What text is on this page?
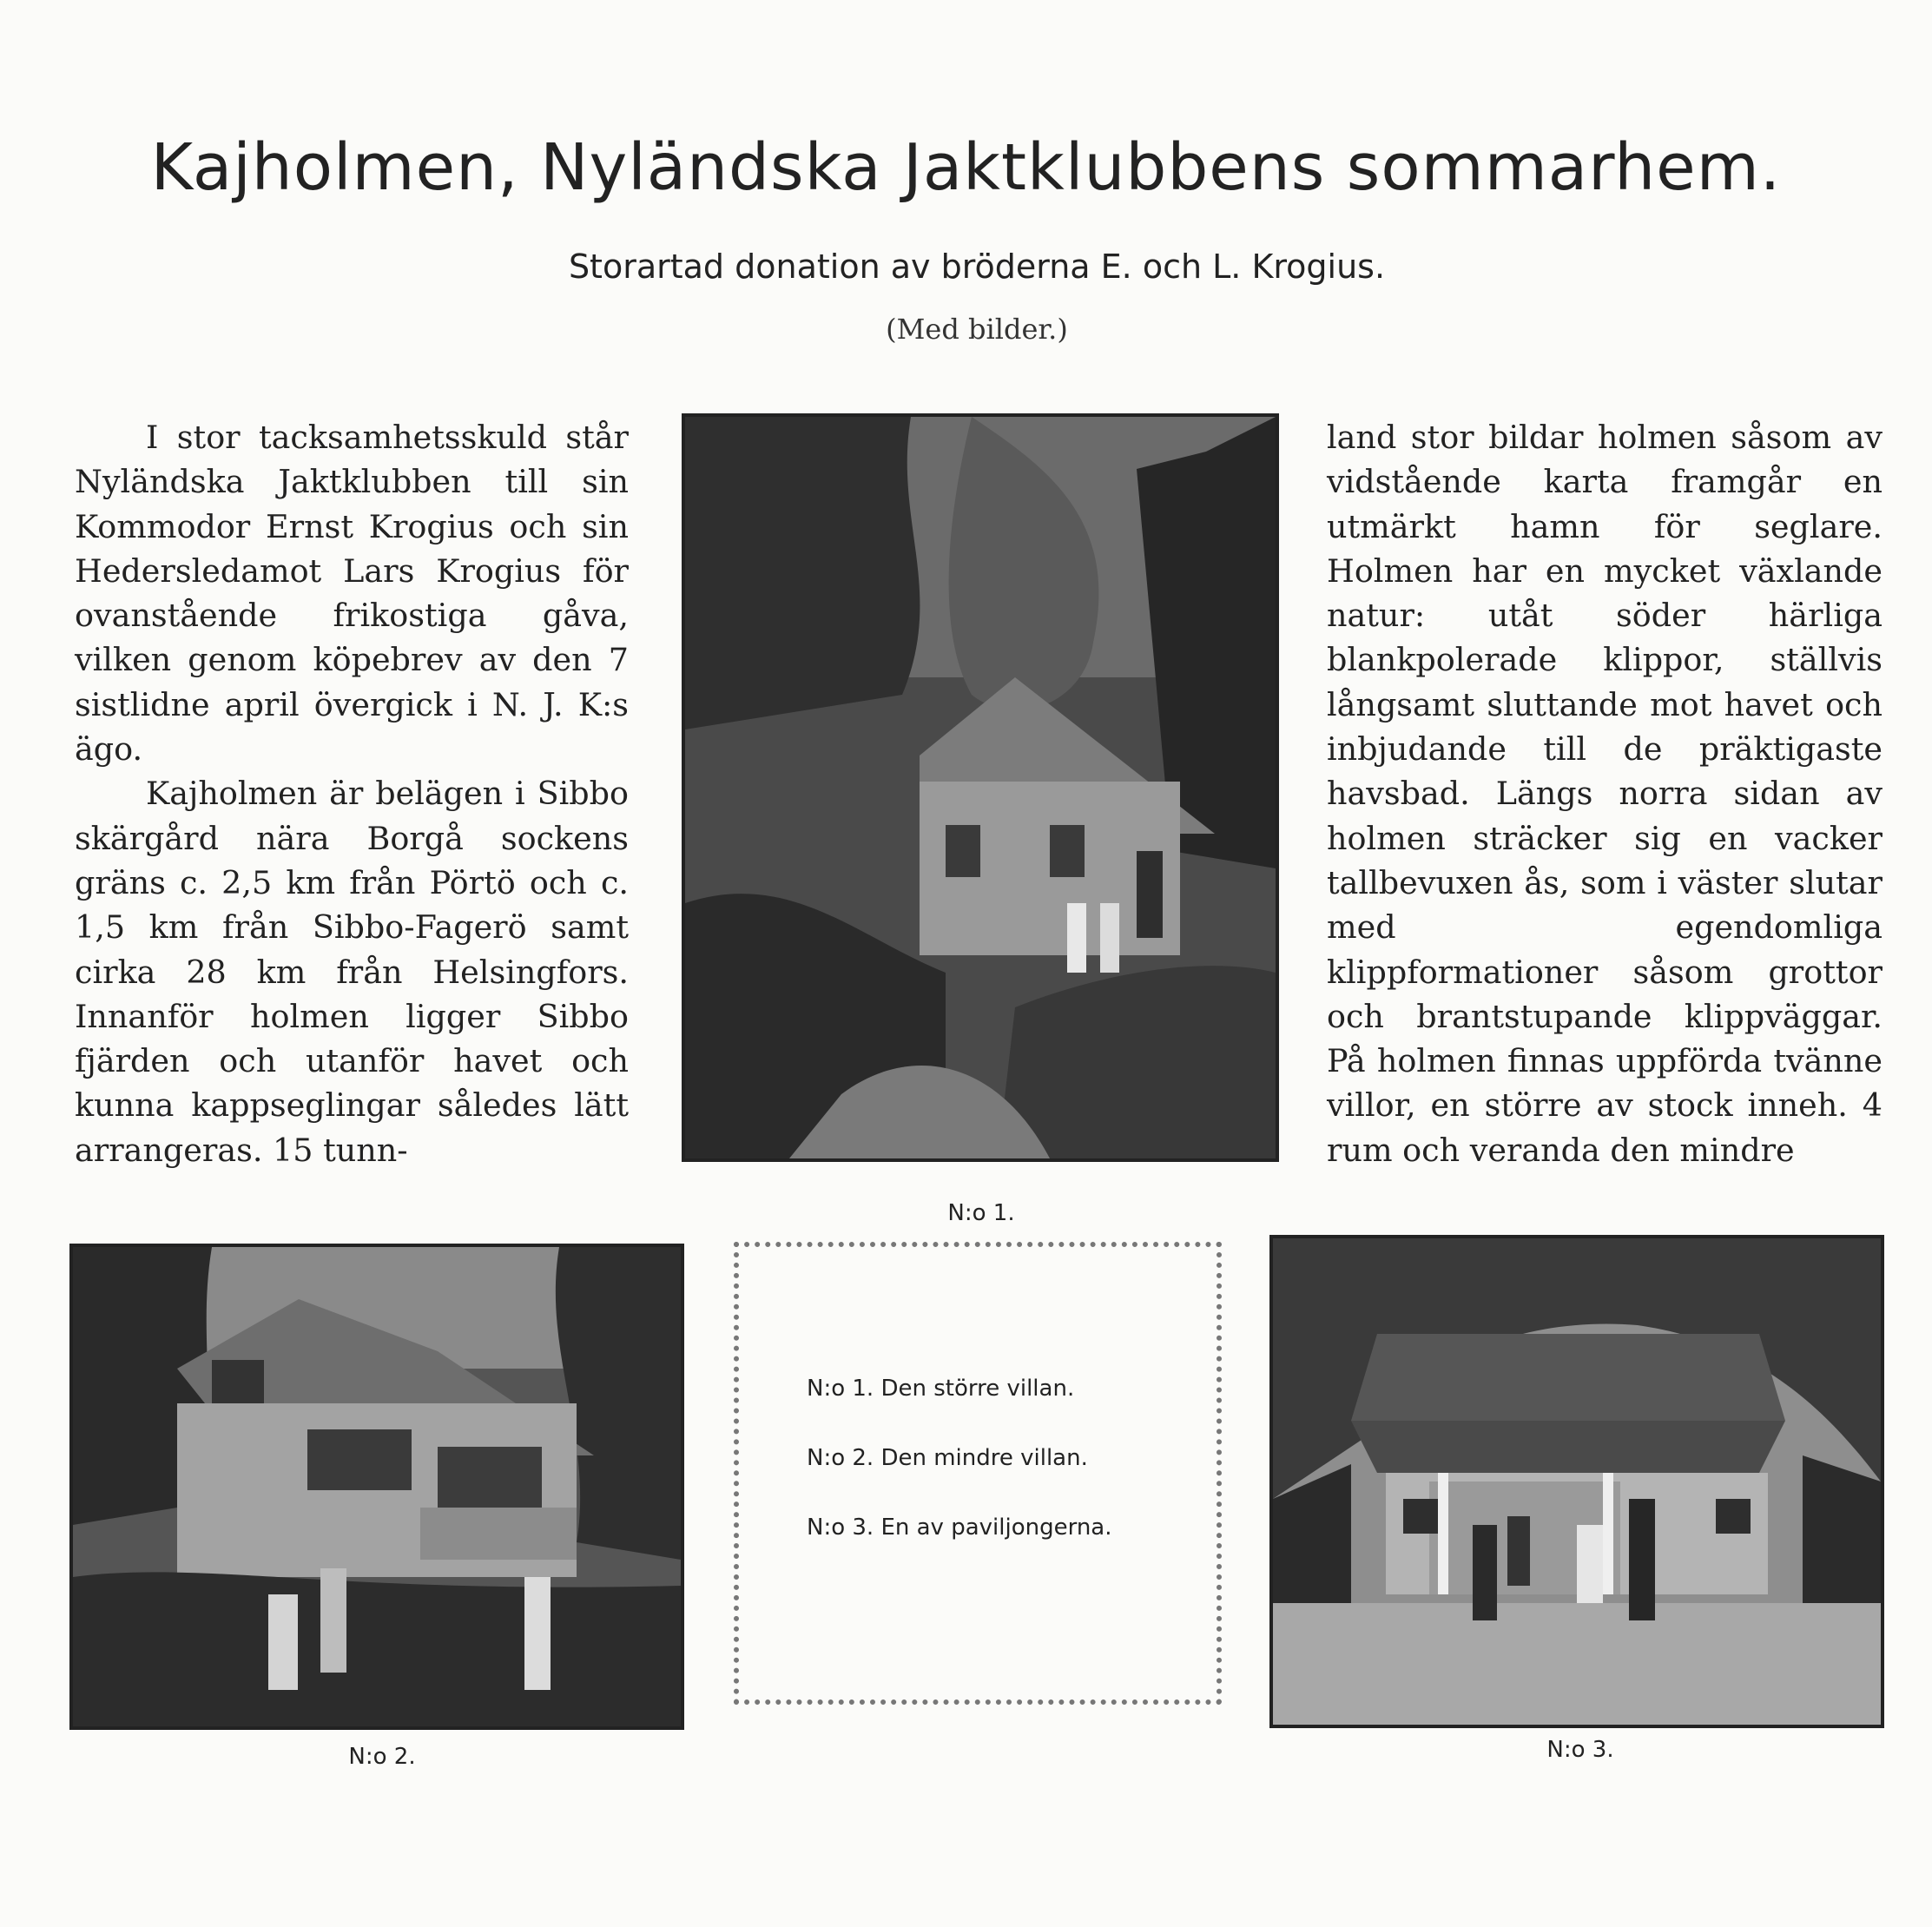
Kajholmen, Nyländska Jaktklubbens sommarhem.
Storartad donation av bröderna E. och L. Krogius.
(Med bilder.)

I stor tacksamhetsskuld står Nyländska Jaktklubben till sin Kommodor Ernst Krogius och sin Hedersledamot Lars Krogius för ovanstående frikostiga gåva, vilken genom köpebrev av den 7 sistlidne april övergick i N. J. K:s ägo.

Kajholmen är belägen i Sibbo skärgård nära Borgå sockens gräns c. 2,5 km från Pörtö och c. 1,5 km från Sibbo-Fagerö samt cirka 28 km från Helsingfors. Innanför holmen ligger Sibbo fjärden och utanför havet och kunna kappseglingar således lätt arrangeras. 15 tunn-

land stor bildar holmen såsom av vidstående karta framgår en utmärkt hamn för seglare. Holmen har en mycket växlande natur: utåt söder härliga blankpolerade klippor, ställvis långsamt sluttande mot havet och inbjudande till de präktigaste havsbad. Längs norra sidan av holmen sträcker sig en vacker tallbevuxen ås, som i väster slutar med egendomliga klippformationer såsom grottor och brantstupande klippväggar. På holmen finnas uppförda tvänne villor, en större av stock inneh. 4 rum och veranda den mindre

N:o 1.
N:o 2.
N:o 1. Den större villan.
N:o 2. Den mindre villan.
N:o 3. En av paviljongerna.
N:o 3.
